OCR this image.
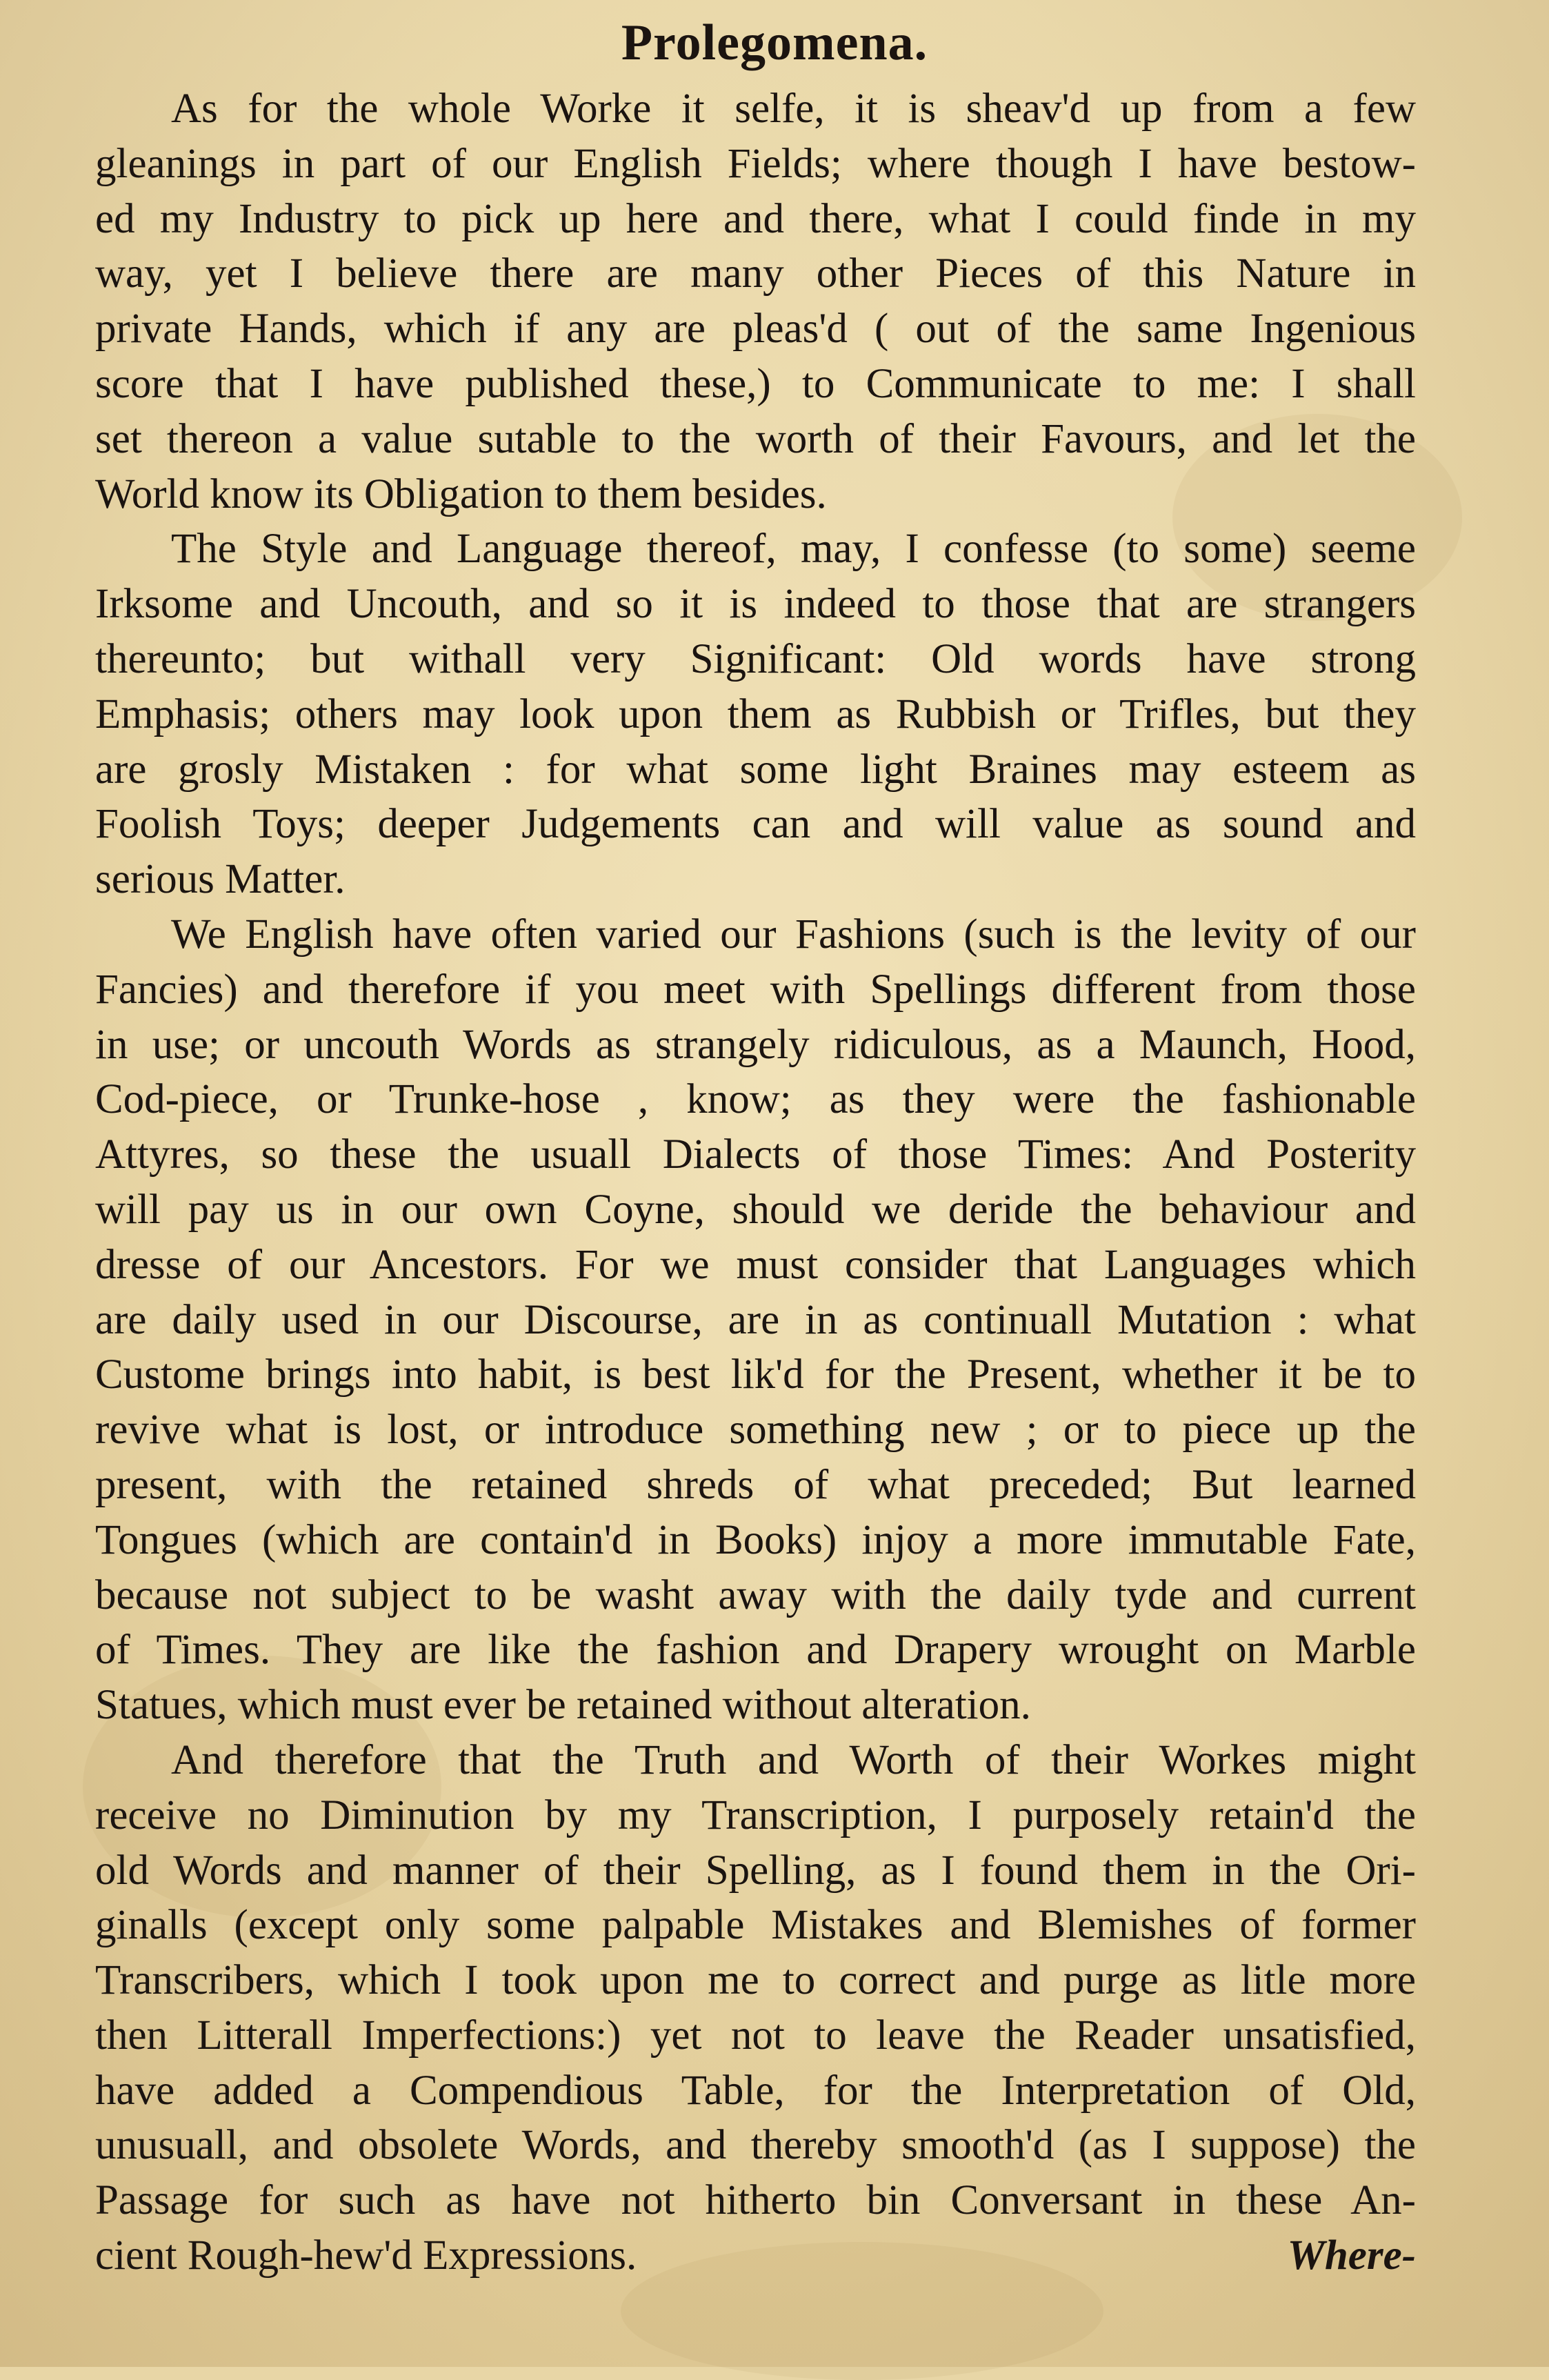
Prolegomena.
As for the whole Worke it selfe, it is sheav'd up from a few
gleanings in part of our English Fields; where though I have bestow-
ed my Industry to pick up here and there, what I could finde in my
way, yet I believe there are many other Pieces of this Nature in
private Hands, which if any are pleas'd ( out of the same Ingenious
score that I have published these,) to Communicate to me: I shall
set thereon a value sutable to the worth of their Favours, and let the
World know its Obligation to them besides.
The Style and Language thereof, may, I confesse (to some) seeme
Irksome and Uncouth, and so it is indeed to those that are strangers
thereunto; but withall very Significant: Old words have strong
Emphasis; others may look upon them as Rubbish or Trifles, but they
are grosly Mistaken : for what some light Braines may esteem as
Foolish Toys; deeper Judgements can and will value as sound and
serious Matter.
We English have often varied our Fashions (such is the levity of our
Fancies) and therefore if you meet with Spellings different from those
in use; or uncouth Words as strangely ridiculous, as a Maunch, Hood,
Cod-piece, or Trunke-hose , know; as they were the fashionable
Attyres, so these the usuall Dialects of those Times: And Posterity
will pay us in our own Coyne, should we deride the behaviour and
dresse of our Ancestors. For we must consider that Languages which
are daily used in our Discourse, are in as continuall Mutation : what
Custome brings into habit, is best lik'd for the Present, whether it be to
revive what is lost, or introduce something new ; or to piece up the
present, with the retained shreds of what preceded; But learned
Tongues (which are contain'd in Books) injoy a more immutable Fate,
because not subject to be washt away with the daily tyde and current
of Times. They are like the fashion and Drapery wrought on Marble
Statues, which must ever be retained without alteration.
And therefore that the Truth and Worth of their Workes might
receive no Diminution by my Transcription, I purposely retain'd the
old Words and manner of their Spelling, as I found them in the Ori-
ginalls (except only some palpable Mistakes and Blemishes of former
Transcribers, which I took upon me to correct and purge as litle more
then Litterall Imperfections:) yet not to leave the Reader unsatisfied,
have added a Compendious Table, for the Interpretation of Old,
unusuall, and obsolete Words, and thereby smooth'd (as I suppose) the
Passage for such as have not hitherto bin Conversant in these An-
cient Rough-hew'd Expressions.	Where-
